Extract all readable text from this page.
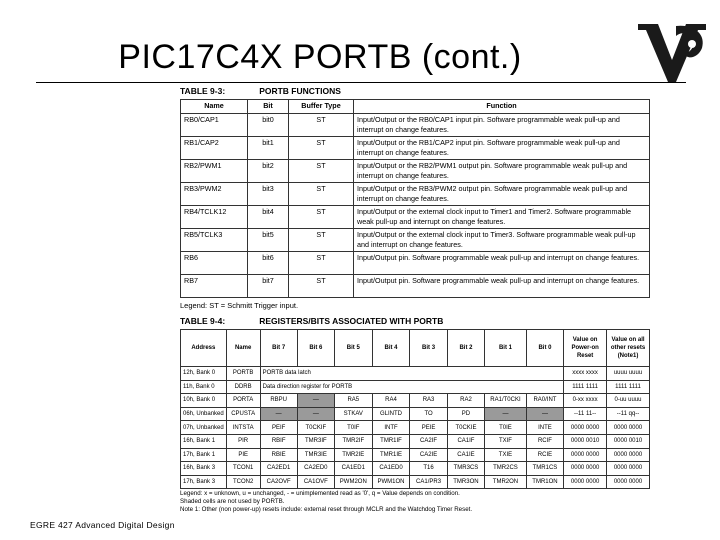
PIC17C4X PORTB (cont.)
TABLE 9-3:	PORTB FUNCTIONS
Name	Bit	Buffer Type	Function
RB0/CAP1	bit0	ST	Input/Output or the RB0/CAP1 input pin. Software programmable weak pull-up and interrupt on change features.
RB1/CAP2	bit1	ST	Input/Output or the RB1/CAP2 input pin. Software programmable weak pull-up and interrupt on change features.
RB2/PWM1	bit2	ST	Input/Output or the RB2/PWM1 output pin. Software programmable weak pull-up and interrupt on change features.
RB3/PWM2	bit3	ST	Input/Output or the RB3/PWM2 output pin. Software programmable weak pull-up and interrupt on change features.
RB4/TCLK12	bit4	ST	Input/Output or the external clock input to Timer1 and Timer2. Software programmable weak pull-up and interrupt on change features.
RB5/TCLK3	bit5	ST	Input/Output or the external clock input to Timer3. Software programmable weak pull-up and interrupt on change features.
RB6	bit6	ST	Input/Output pin. Software programmable weak pull-up and interrupt on change features.
RB7	bit7	ST	Input/Output pin. Software programmable weak pull-up and interrupt on change features.
Legend: ST = Schmitt Trigger input.
TABLE 9-4:	REGISTERS/BITS ASSOCIATED WITH PORTB
Address	Name	Bit 7	Bit 6	Bit 5	Bit 4	Bit 3	Bit 2	Bit 1	Bit 0	Value on Power-on Reset	Value on all other resets (Note1)
12h, Bank 0	PORTB	PORTB data latch								xxxx xxxx	uuuu uuuu
11h, Bank 0	DDRB	Data direction register for PORTB								1111 1111	1111 1111
10h, Bank 0	PORTA	RBPU	—	RA5	RA4	RA3	RA2	RA1/T0CKI	RA0/INT	0-xx xxxx	0-uu uuuu
06h, Unbanked	CPUSTA	—	—	STKAV	GLINTD	TO	PD	—	—	--11 11--	--11 qq--
07h, Unbanked	INTSTA	PEIF	T0CKIF	T0IF	INTF	PEIE	T0CKIE	T0IE	INTE	0000 0000	0000 0000
16h, Bank 1	PIR	RBIF	TMR3IF	TMR2IF	TMR1IF	CA2IF	CA1IF	TXIF	RCIF	0000 0010	0000 0010
17h, Bank 1	PIE	RBIE	TMR3IE	TMR2IE	TMR1IE	CA2IE	CA1IE	TXIE	RCIE	0000 0000	0000 0000
16h, Bank 3	TCON1	CA2ED1	CA2ED0	CA1ED1	CA1ED0	T16	TMR3CS	TMR2CS	TMR1CS	0000 0000	0000 0000
17h, Bank 3	TCON2	CA2OVF	CA1OVF	PWM2ON	PWM1ON	CA1/PR3	TMR3ON	TMR2ON	TMR1ON	0000 0000	0000 0000
Legend: x = unknown, u = unchanged, - = unimplemented read as '0', q = Value depends on condition.
Shaded cells are not used by PORTB.
Note 1: Other (non power-up) resets include: external reset through MCLR and the Watchdog Timer Reset.
EGRE 427 Advanced Digital Design
